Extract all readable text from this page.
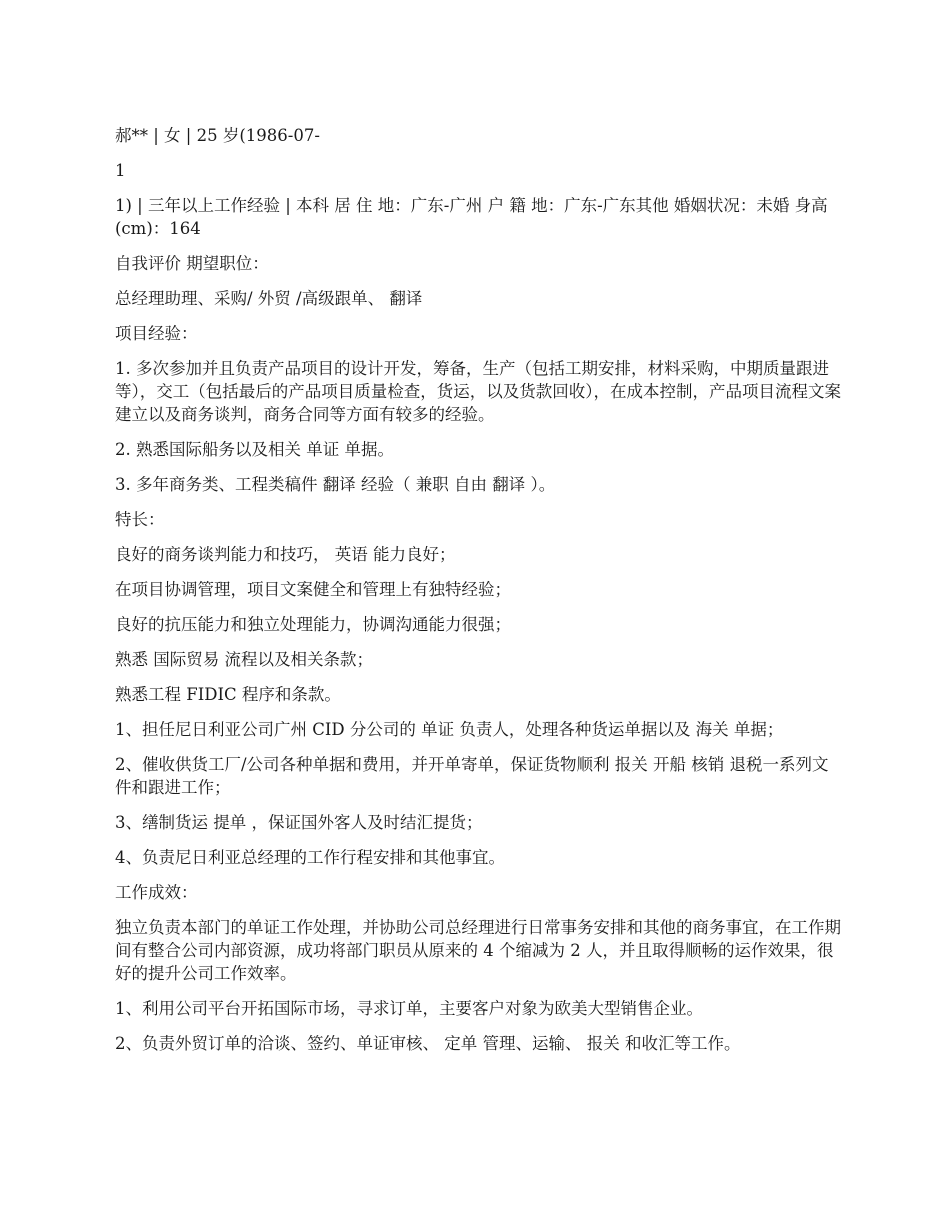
郝** | 女 | 25 岁(1986-07-

1

1) | 三年以上工作经验 | 本科 居 住 地：广东-广州 户 籍 地：广东-广东其他 婚姻状况：未婚 身高(cm)：164

自我评价 期望职位：

总经理助理、采购/ 外贸 /高级跟单、 翻译

项目经验：

1. 多次参加并且负责产品项目的设计开发，筹备，生产（包括工期安排，材料采购，中期质量跟进等），交工（包括最后的产品项目质量检查，货运，以及货款回收），在成本控制，产品项目流程文案建立以及商务谈判，商务合同等方面有较多的经验。

2. 熟悉国际船务以及相关 单证 单据。

3. 多年商务类、工程类稿件 翻译 经验（ 兼职 自由 翻译 ）。

特长：

良好的商务谈判能力和技巧， 英语 能力良好；

在项目协调管理，项目文案健全和管理上有独特经验；

良好的抗压能力和独立处理能力，协调沟通能力很强；

熟悉 国际贸易 流程以及相关条款；

熟悉工程 FIDIC 程序和条款。

1、担任尼日利亚公司广州 CID 分公司的 单证 负责人，处理各种货运单据以及 海关 单据；

2、催收供货工厂/公司各种单据和费用，并开单寄单，保证货物顺利 报关 开船 核销 退税一系列文件和跟进工作；

3、缮制货运 提单 ，保证国外客人及时结汇提货；

4、负责尼日利亚总经理的工作行程安排和其他事宜。

工作成效：

独立负责本部门的单证工作处理，并协助公司总经理进行日常事务安排和其他的商务事宜，在工作期间有整合公司内部资源，成功将部门职员从原来的 4 个缩减为 2 人，并且取得顺畅的运作效果，很好的提升公司工作效率。

1、利用公司平台开拓国际市场，寻求订单，主要客户对象为欧美大型销售企业。

2、负责外贸订单的洽谈、签约、单证审核、 定单 管理、运输、 报关 和收汇等工作。
